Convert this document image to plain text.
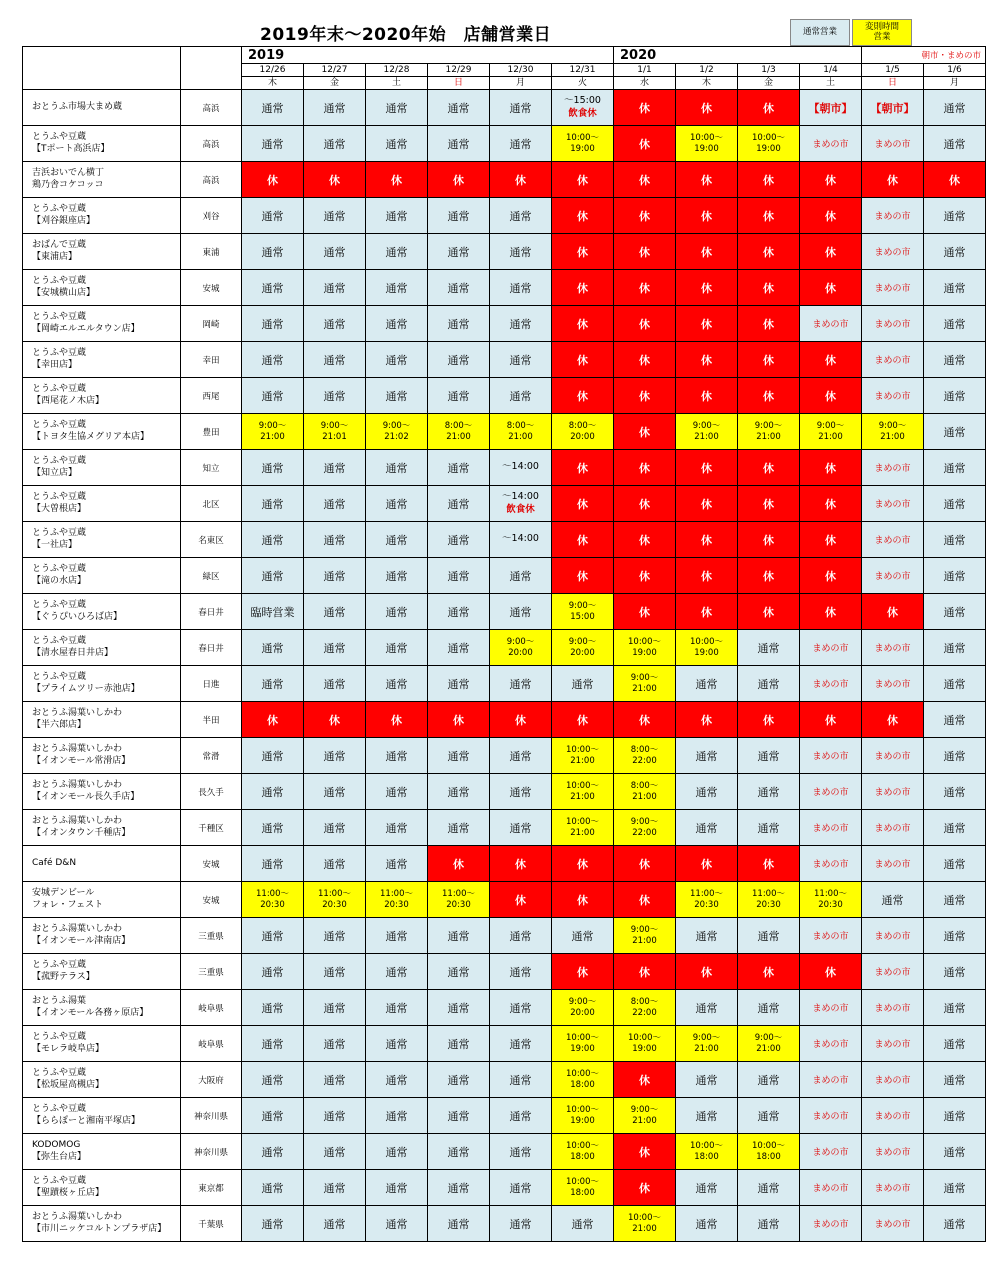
2019年末～2020年始　店舗営業日	通常営業	変則時間
営業
		2019						2020				朝市・まめの市	
		12/26	12/27	12/28	12/29	12/30	12/31	1/1	1/2	1/3	1/4	1/5	1/6
		木	金	土	日	月	火	水	木	金	土	日	月

おとうふ市場大まめ蔵	高浜	通常	通常	通常	通常	通常	～15:00
飲食休	休	休	休	【朝市】	【朝市】	通常

とうふや豆蔵
【Tポート高浜店】	高浜	通常	通常	通常	通常	通常	10:00～
19:00	休	10:00～
19:00	10:00～
19:00	まめの市	まめの市	通常

吉浜おいでん横丁
鶏乃舎コケコッコ	高浜	休	休	休	休	休	休	休	休	休	休	休	休

とうふや豆蔵
【刈谷銀座店】	刈谷	通常	通常	通常	通常	通常	休	休	休	休	休	まめの市	通常

おぱんで豆蔵
【東浦店】	東浦	通常	通常	通常	通常	通常	休	休	休	休	休	まめの市	通常

とうふや豆蔵
【安城横山店】	安城	通常	通常	通常	通常	通常	休	休	休	休	休	まめの市	通常

とうふや豆蔵
【岡崎エルエルタウン店】	岡崎	通常	通常	通常	通常	通常	休	休	休	休	まめの市	まめの市	通常

とうふや豆蔵
【幸田店】	幸田	通常	通常	通常	通常	通常	休	休	休	休	休	まめの市	通常

とうふや豆蔵
【西尾花ノ木店】	西尾	通常	通常	通常	通常	通常	休	休	休	休	休	まめの市	通常

とうふや豆蔵
【トヨタ生協メグリア本店】	豊田	9:00～
21:00	9:00～
21:01	9:00～
21:02	8:00～
21:00	8:00～
21:00	8:00～
20:00	休	9:00～
21:00	9:00～
21:00	9:00～
21:00	9:00～
21:00	通常

とうふや豆蔵
【知立店】	知立	通常	通常	通常	通常	～14:00	休	休	休	休	休	まめの市	通常

とうふや豆蔵
【大曽根店】	北区	通常	通常	通常	通常	～14:00
飲食休	休	休	休	休	休	まめの市	通常

とうふや豆蔵
【一社店】	名東区	通常	通常	通常	通常	～14:00	休	休	休	休	休	まめの市	通常

とうふや豆蔵
【滝の水店】	緑区	通常	通常	通常	通常	通常	休	休	休	休	休	まめの市	通常

とうふや豆蔵
【ぐうぴいひろば店】	春日井	臨時営業	通常	通常	通常	通常	9:00～
15:00	休	休	休	休	休	通常

とうふや豆蔵
【清水屋春日井店】	春日井	通常	通常	通常	通常	9:00～
20:00	9:00～
20:00	10:00～
19:00	10:00～
19:00	通常	まめの市	まめの市	通常

とうふや豆蔵
【プライムツリー赤池店】	日進	通常	通常	通常	通常	通常	通常	9:00～
21:00	通常	通常	まめの市	まめの市	通常

おとうふ湯葉いしかわ
【半六郎店】	半田	休	休	休	休	休	休	休	休	休	休	休	通常

おとうふ湯葉いしかわ
【イオンモール常滑店】	常滑	通常	通常	通常	通常	通常	10:00～
21:00	8:00～
22:00	通常	通常	まめの市	まめの市	通常

おとうふ湯葉いしかわ
【イオンモール長久手店】	長久手	通常	通常	通常	通常	通常	10:00～
21:00	8:00～
21:00	通常	通常	まめの市	まめの市	通常

おとうふ湯葉いしかわ
【イオンタウン千種店】	千種区	通常	通常	通常	通常	通常	10:00～
21:00	9:00～
22:00	通常	通常	まめの市	まめの市	通常

Café D&N	安城	通常	通常	通常	休	休	休	休	休	休	まめの市	まめの市	通常

安城デンビール
フォレ・フェスト	安城	11:00～
20:30	11:00～
20:30	11:00～
20:30	11:00～
20:30	休	休	休	11:00～
20:30	11:00～
20:30	11:00～
20:30	通常	通常

おとうふ湯葉いしかわ
【イオンモール津南店】	三重県	通常	通常	通常	通常	通常	通常	9:00～
21:00	通常	通常	まめの市	まめの市	通常

とうふや豆蔵
【菰野テラス】	三重県	通常	通常	通常	通常	通常	休	休	休	休	休	まめの市	通常

おとうふ湯葉
【イオンモール各務ヶ原店】	岐阜県	通常	通常	通常	通常	通常	9:00～
20:00	8:00～
22:00	通常	通常	まめの市	まめの市	通常

とうふや豆蔵
【モレラ岐阜店】	岐阜県	通常	通常	通常	通常	通常	10:00～
19:00	10:00～
19:00	9:00～
21:00	9:00～
21:00	まめの市	まめの市	通常

とうふや豆蔵
【松坂屋高槻店】	大阪府	通常	通常	通常	通常	通常	10:00～
18:00	休	通常	通常	まめの市	まめの市	通常

とうふや豆蔵
【ららぽーと湘南平塚店】	神奈川県	通常	通常	通常	通常	通常	10:00～
19:00	9:00～
21:00	通常	通常	まめの市	まめの市	通常

KODOMOG
【弥生台店】	神奈川県	通常	通常	通常	通常	通常	10:00～
18:00	休	10:00～
18:00	10:00～
18:00	まめの市	まめの市	通常

とうふや豆蔵
【聖蹟桜ヶ丘店】	東京都	通常	通常	通常	通常	通常	10:00～
18:00	休	通常	通常	まめの市	まめの市	通常

おとうふ湯葉いしかわ
【市川ニッケコルトンプラザ店】	千葉県	通常	通常	通常	通常	通常	通常	10:00～
21:00	通常	通常	まめの市	まめの市	通常
